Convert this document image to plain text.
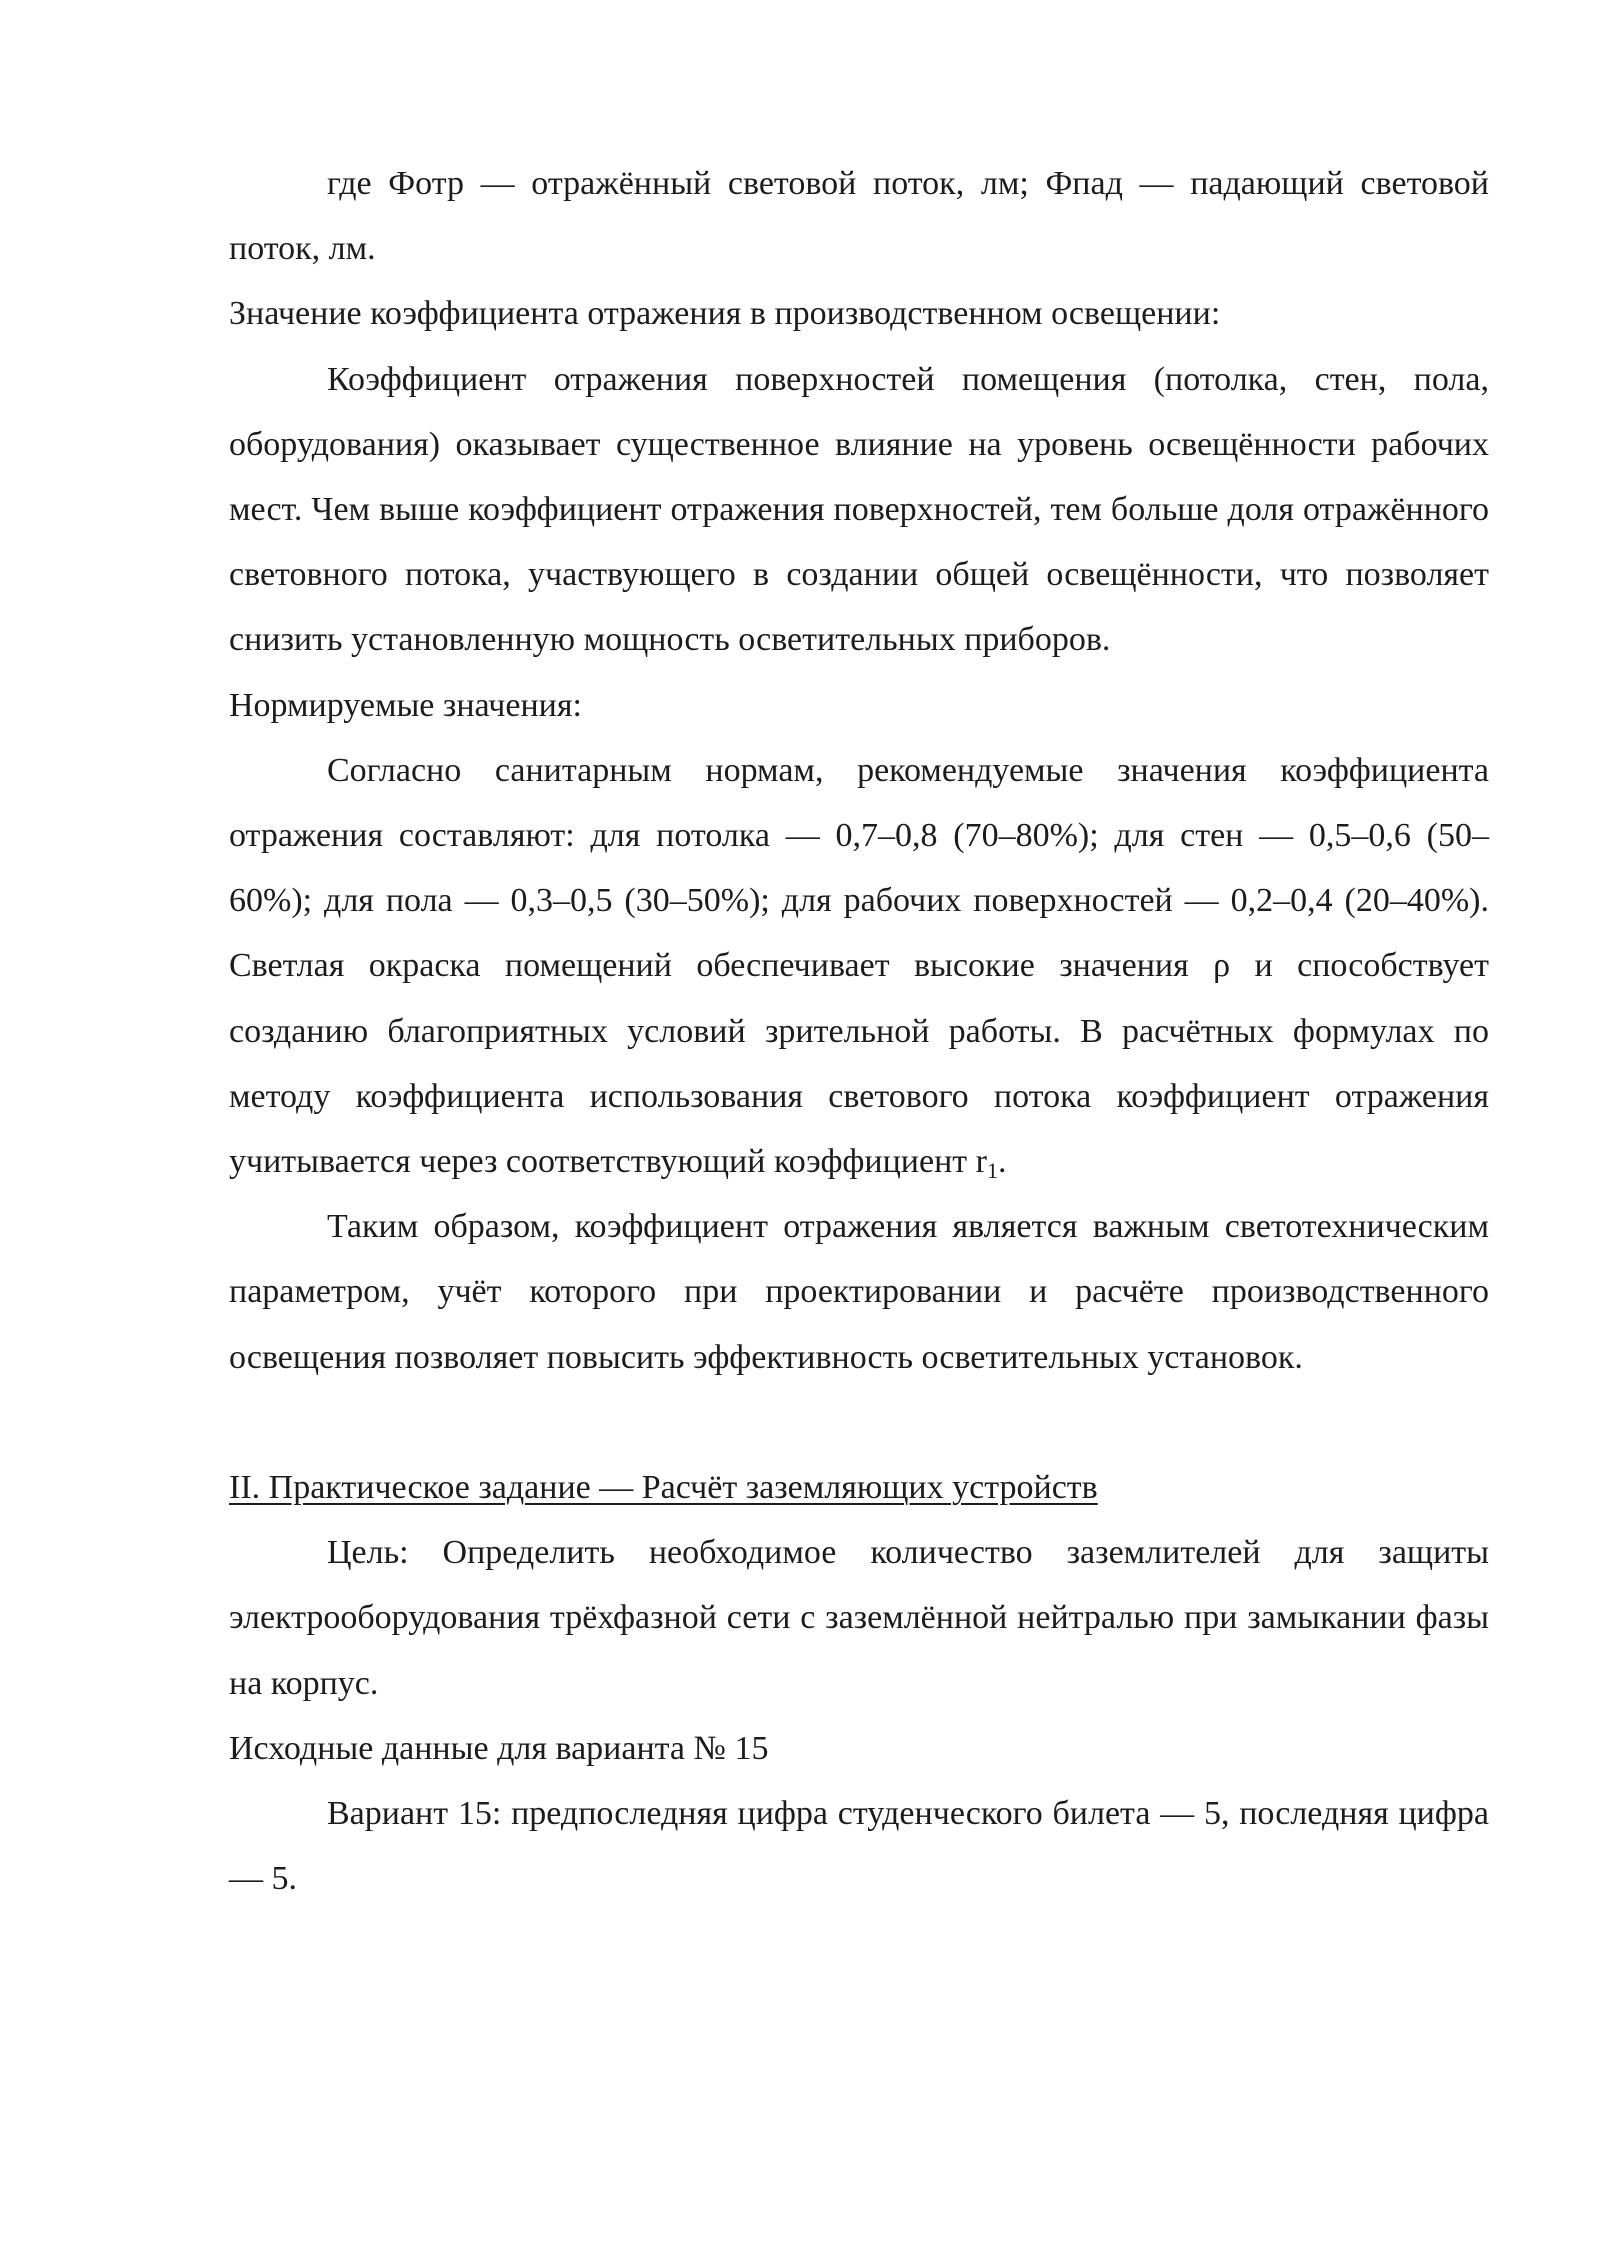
где Фотр — отражённый световой поток, лм; Фпад — падающий световой поток, лм.

Значение коэффициента отражения в производственном освещении:

Коэффициент отражения поверхностей помещения (потолка, стен, пола, оборудования) оказывает существенное влияние на уровень освещённости рабочих мест. Чем выше коэффициент отражения поверхностей, тем больше доля отражённого световного потока, участвующего в создании общей освещённости, что позволяет снизить установленную мощность осветительных приборов.

Нормируемые значения:

Согласно санитарным нормам, рекомендуемые значения коэффициента отражения составляют: для потолка — 0,7–0,8 (70–80%); для стен — 0,5–0,6 (50–60%); для пола — 0,3–0,5 (30–50%); для рабочих поверхностей — 0,2–0,4 (20–40%). Светлая окраска помещений обеспечивает высокие значения ρ и способствует созданию благоприятных условий зрительной работы. В расчётных формулах по методу коэффициента использования светового потока коэффициент отражения учитывается через соответствующий коэффициент $r_1$.

Таким образом, коэффициент отражения является важным светотехническим параметром, учёт которого при проектировании и расчёте производственного освещения позволяет повысить эффективность осветительных установок.

II. Практическое задание — Расчёт заземляющих устройств

Цель: Определить необходимое количество заземлителей для защиты электрооборудования трёхфазной сети с заземлённой нейтралью при замыкании фазы на корпус.

Исходные данные для варианта № 15

Вариант 15: предпоследняя цифра студенческого билета — 5, последняя цифра — 5.
